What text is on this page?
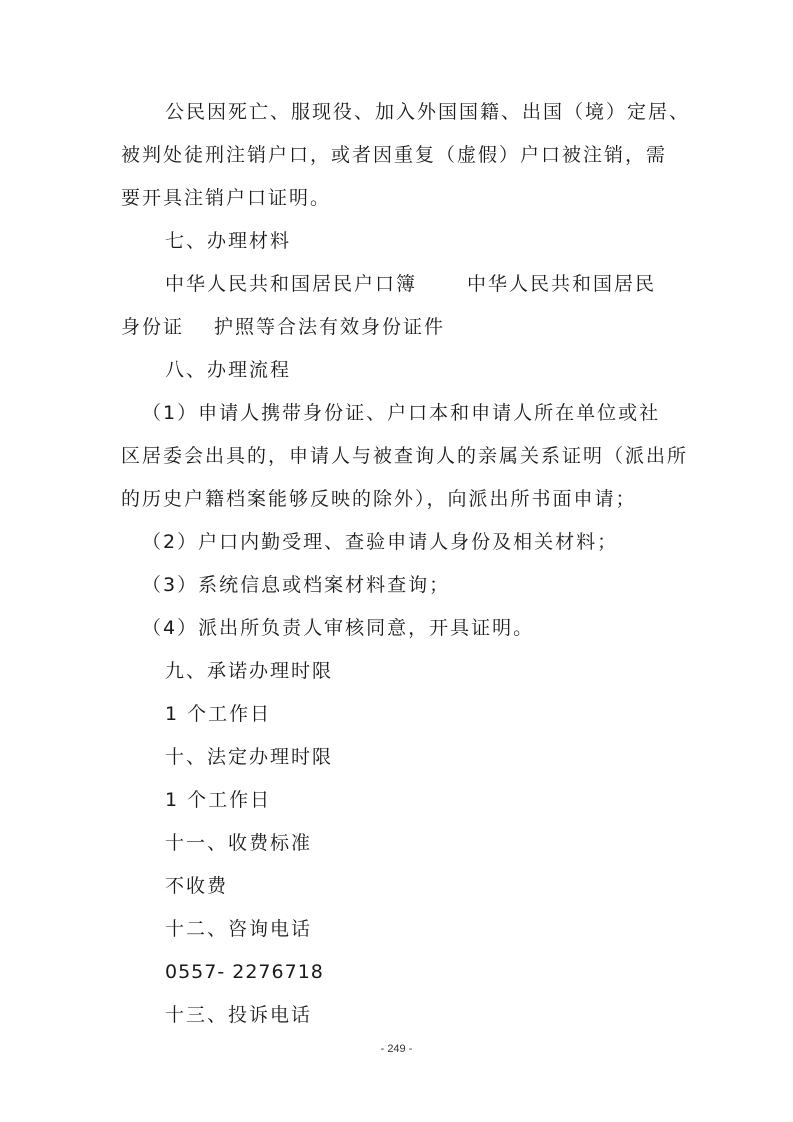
公民因死亡、服现役、加入外国国籍、出国（境）定居、
被判处徒刑注销户口，或者因重复（虚假）户口被注销，需
要开具注销户口证明。
七、办理材料
中华人民共和国居民户口簿	中华人民共和国居民
身份证 护照等合法有效身份证件
八、办理流程
（1）申请人携带身份证、户口本和申请人所在单位或社
区居委会出具的，申请人与被查询人的亲属关系证明（派出所
的历史户籍档案能够反映的除外），向派出所书面申请；
（2）户口内勤受理、查验申请人身份及相关材料；
（3）系统信息或档案材料查询；
（4）派出所负责人审核同意，开具证明。
九、承诺办理时限
1 个工作日
十、法定办理时限
1 个工作日
十一、收费标准
不收费
十二、咨询电话
0557- 2276718
十三、投诉电话
- 249 -
